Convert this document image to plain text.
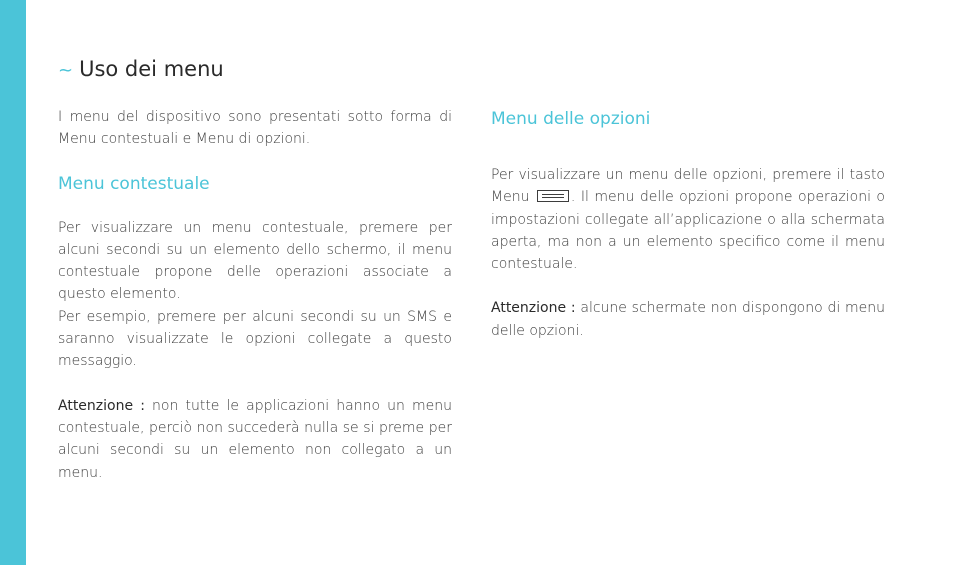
~ Uso dei menu

I menu del dispositivo sono presentati sotto forma di Menu contestuali e Menu di opzioni.

Menu contestuale

Per visualizzare un menu contestuale, premere per alcuni secondi su un elemento dello schermo, il menu contestuale propone delle operazioni associate a questo elemento.

Per esempio, premere per alcuni secondi su un SMS e saranno visualizzate le opzioni collegate a questo messaggio.

Attenzione : non tutte le applicazioni hanno un menu contestuale, perciò non succederà nulla se si preme per alcuni secondi su un elemento non collegato a un menu.

Menu delle opzioni

Per visualizzare un menu delle opzioni, premere il tasto Menu	. Il menu delle opzioni propone operazioni o impostazioni collegate all’applicazione o alla schermata aperta, ma non a un elemento specifico come il menu contestuale.

Attenzione : alcune schermate non dispongono di menu delle opzioni.
